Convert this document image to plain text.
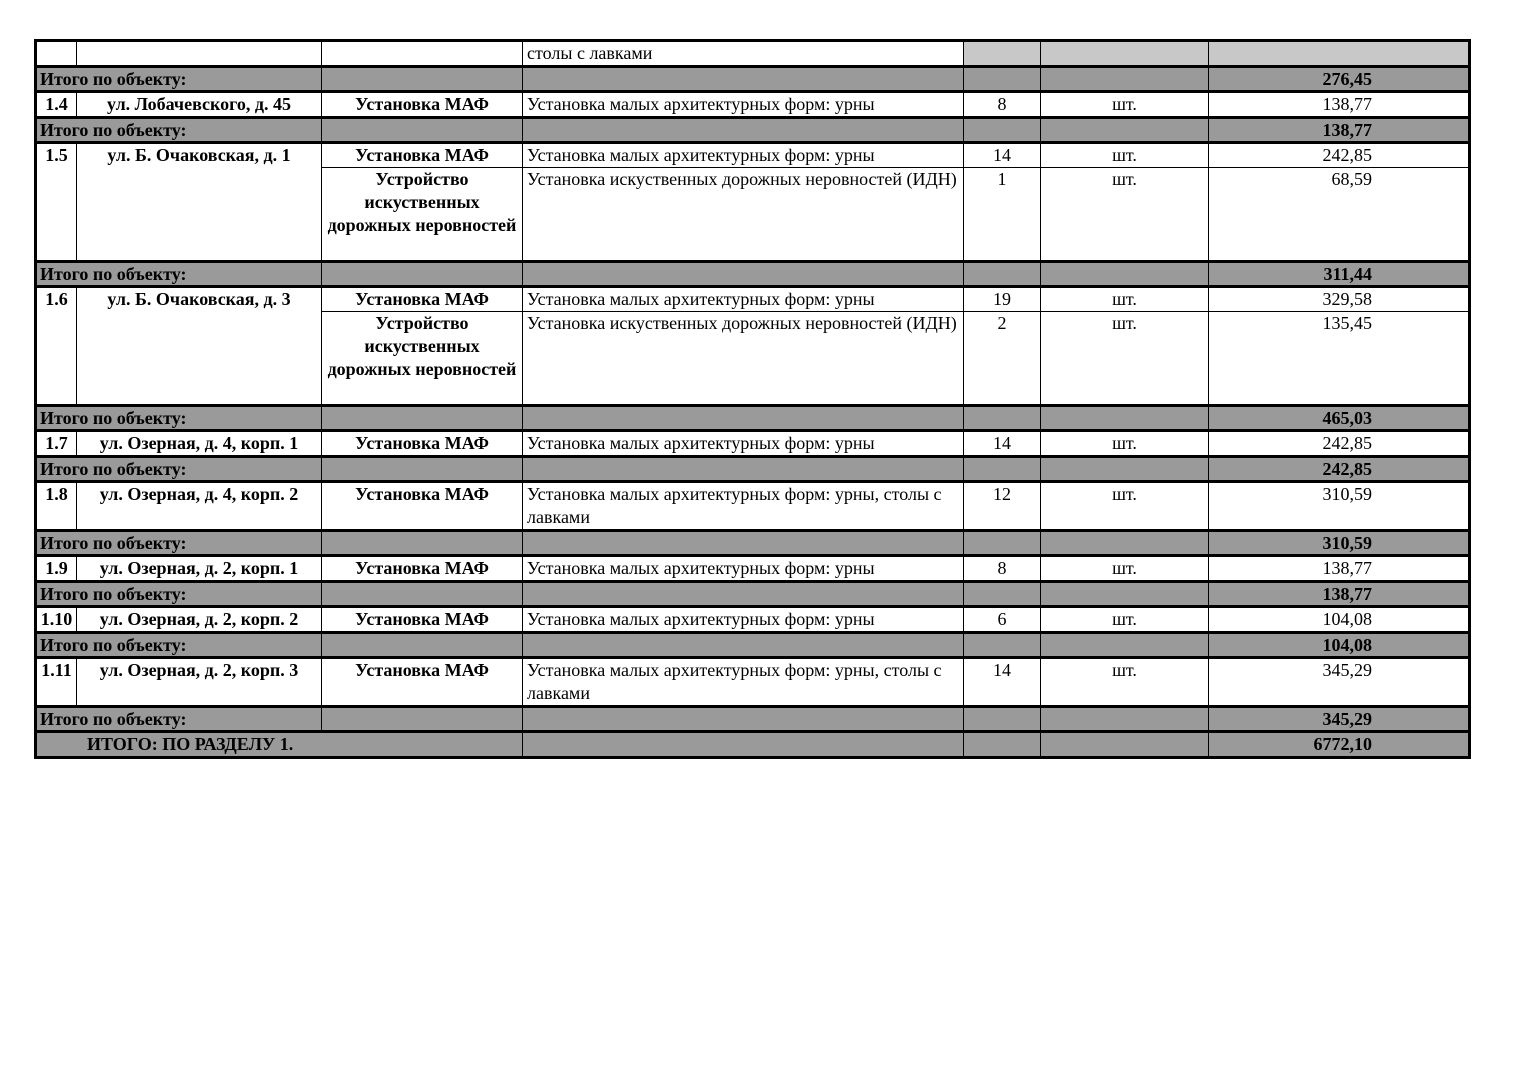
			столы с лавками			
Итого по объекту:						276,45
1.4	ул. Лобачевского, д. 45	Установка МАФ	Установка малых архитектурных форм: урны	8	шт.	138,77
Итого по объекту:						138,77
1.5	ул. Б. Очаковская, д. 1	Установка МАФ	Установка малых архитектурных форм: урны	14	шт.	242,85
		Устройство искуственных дорожных неровностей	Установка искуственных дорожных неровностей (ИДН)	1	шт.	68,59
Итого по объекту:						311,44
1.6	ул. Б. Очаковская, д. 3	Установка МАФ	Установка малых архитектурных форм: урны	19	шт.	329,58
		Устройство искуственных дорожных неровностей	Установка искуственных дорожных неровностей (ИДН)	2	шт.	135,45
Итого по объекту:						465,03
1.7	ул. Озерная, д. 4, корп. 1	Установка МАФ	Установка малых архитектурных форм: урны	14	шт.	242,85
Итого по объекту:						242,85
1.8	ул. Озерная, д. 4, корп. 2	Установка МАФ	Установка малых архитектурных форм: урны, столы с лавками	12	шт.	310,59
Итого по объекту:						310,59
1.9	ул. Озерная, д. 2, корп. 1	Установка МАФ	Установка малых архитектурных форм: урны	8	шт.	138,77
Итого по объекту:						138,77
1.10	ул. Озерная, д. 2, корп. 2	Установка МАФ	Установка малых архитектурных форм: урны	6	шт.	104,08
Итого по объекту:						104,08
1.11	ул. Озерная, д. 2, корп. 3	Установка МАФ	Установка малых архитектурных форм: урны, столы с лавками	14	шт.	345,29
Итого по объекту:						345,29
ИТОГО: ПО РАЗДЕЛУ 1.						6772,10
